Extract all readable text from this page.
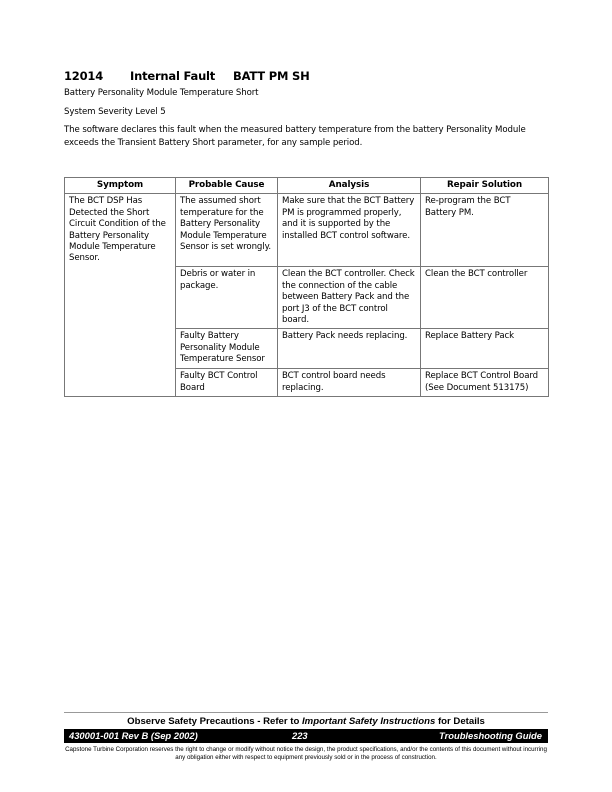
12014 Internal Fault BATT PM SH
Battery Personality Module Temperature Short
System Severity Level 5
The software declares this fault when the measured battery temperature from the battery Personality Module exceeds the Transient Battery Short parameter, for any sample period.
Symptom	Probable Cause	Analysis	Repair Solution
The BCT DSP Has Detected the Short Circuit Condition of the Battery Personality Module Temperature Sensor.	The assumed short temperature for the Battery Personality Module Temperature Sensor is set wrongly.	Make sure that the BCT Battery PM is programmed properly, and it is supported by the installed BCT control software.	Re-program the BCT Battery PM.
	Debris or water in package.	Clean the BCT controller. Check the connection of the cable between Battery Pack and the port J3 of the BCT control board.	Clean the BCT controller
	Faulty Battery Personality Module Temperature Sensor	Battery Pack needs replacing.	Replace Battery Pack
	Faulty BCT Control Board	BCT control board needs replacing.	Replace BCT Control Board (See Document 513175)
Observe Safety Precautions - Refer to Important Safety Instructions for Details
430001-001 Rev B (Sep 2002)	223	Troubleshooting Guide
Capstone Turbine Corporation reserves the right to change or modify without notice the design, the product specifications, and/or the contents of this document without incurring any obligation either with respect to equipment previously sold or in the process of construction.
